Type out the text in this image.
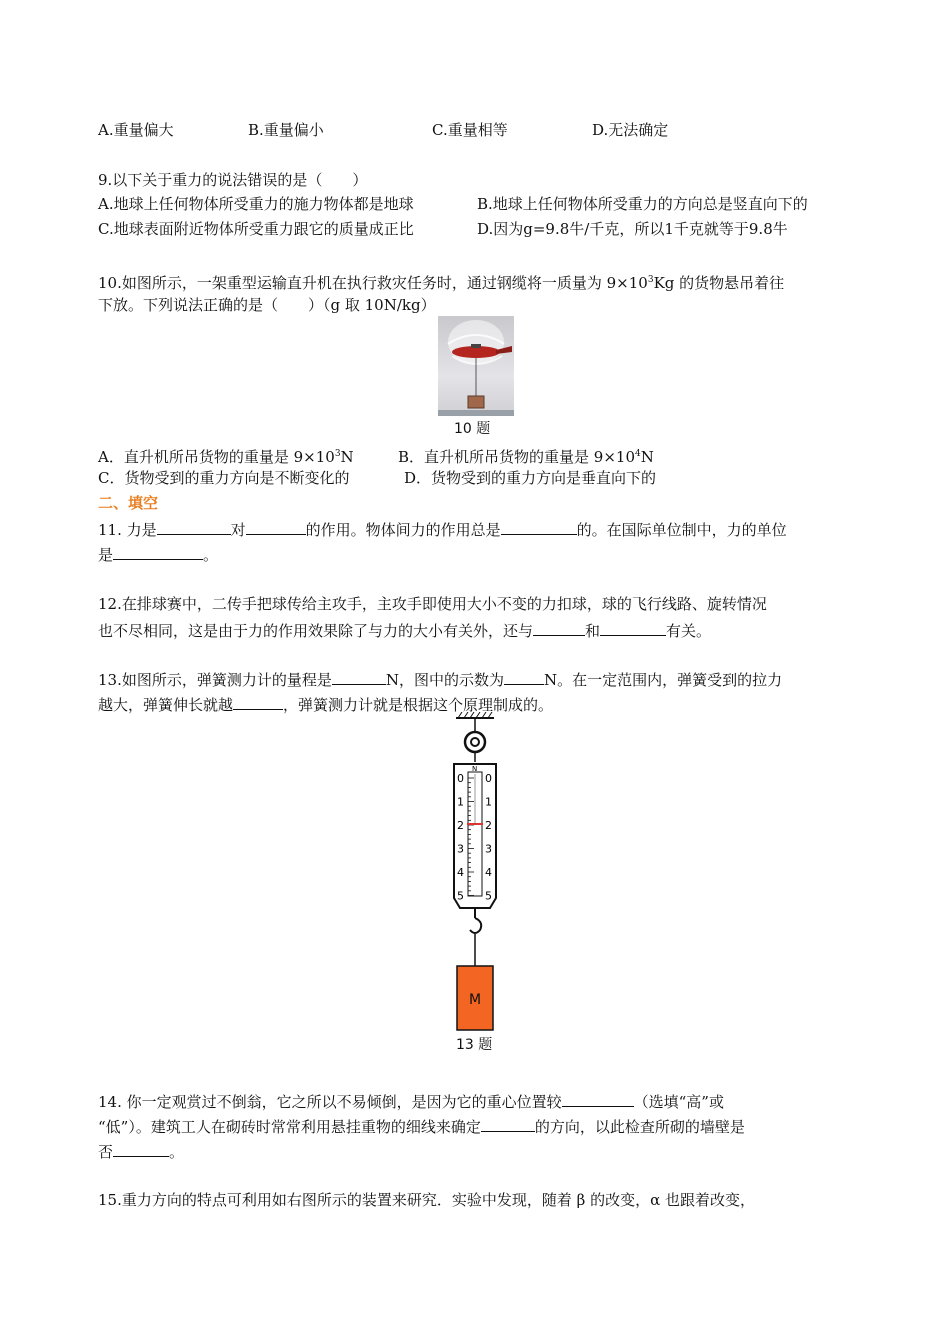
A.重量偏大	B.重量偏小	C.重量相等	D.无法确定
9.以下关于重力的说法错误的是（　　）
A.地球上任何物体所受重力的施力物体都是地球	B.地球上任何物体所受重力的方向总是竖直向下的
C.地球表面附近物体所受重力跟它的质量成正比	D.因为g=9.8牛/千克，所以1千克就等于9.8牛
10.如图所示，一架重型运输直升机在执行救灾任务时，通过钢缆将一质量为 $9\times 10^3Kg$ 的货物悬吊着往
下放。下列说法正确的是（　　）（g 取 10N/kg）
10 题
A．直升机所吊货物的重量是 $9\times 10^3N$	B．直升机所吊货物的重量是 $9\times 10^4N$
C．货物受到的重力方向是不断变化的	D．货物受到的重力方向是垂直向下的
二、填空
11. 力是	对	的作用。物体间力的作用总是	的。在国际单位制中，力的单位
是	。
12.在排球赛中，二传手把球传给主攻手，主攻手即使用大小不变的力扣球，球的飞行线路、旋转情况
也不尽相同，这是由于力的作用效果除了与力的大小有关外，还与	和	有关。
13.如图所示，弹簧测力计的量程是	N，图中的示数为	N。在一定范围内，弹簧受到的拉力
越大，弹簧伸长就越	，弹簧测力计就是根据这个原理制成的。
N
0 0
1 1
2 2
3 3
4 4
5 5
M
13 题
14. 你一定观赏过不倒翁，它之所以不易倾倒，是因为它的重心位置较	（选填“高”或
“低”）。建筑工人在砌砖时常常利用悬挂重物的细线来确定	的方向，以此检查所砌的墙壁是
否	。
15.重力方向的特点可利用如右图所示的装置来研究．实验中发现，随着 β 的改变，α 也跟着改变，
